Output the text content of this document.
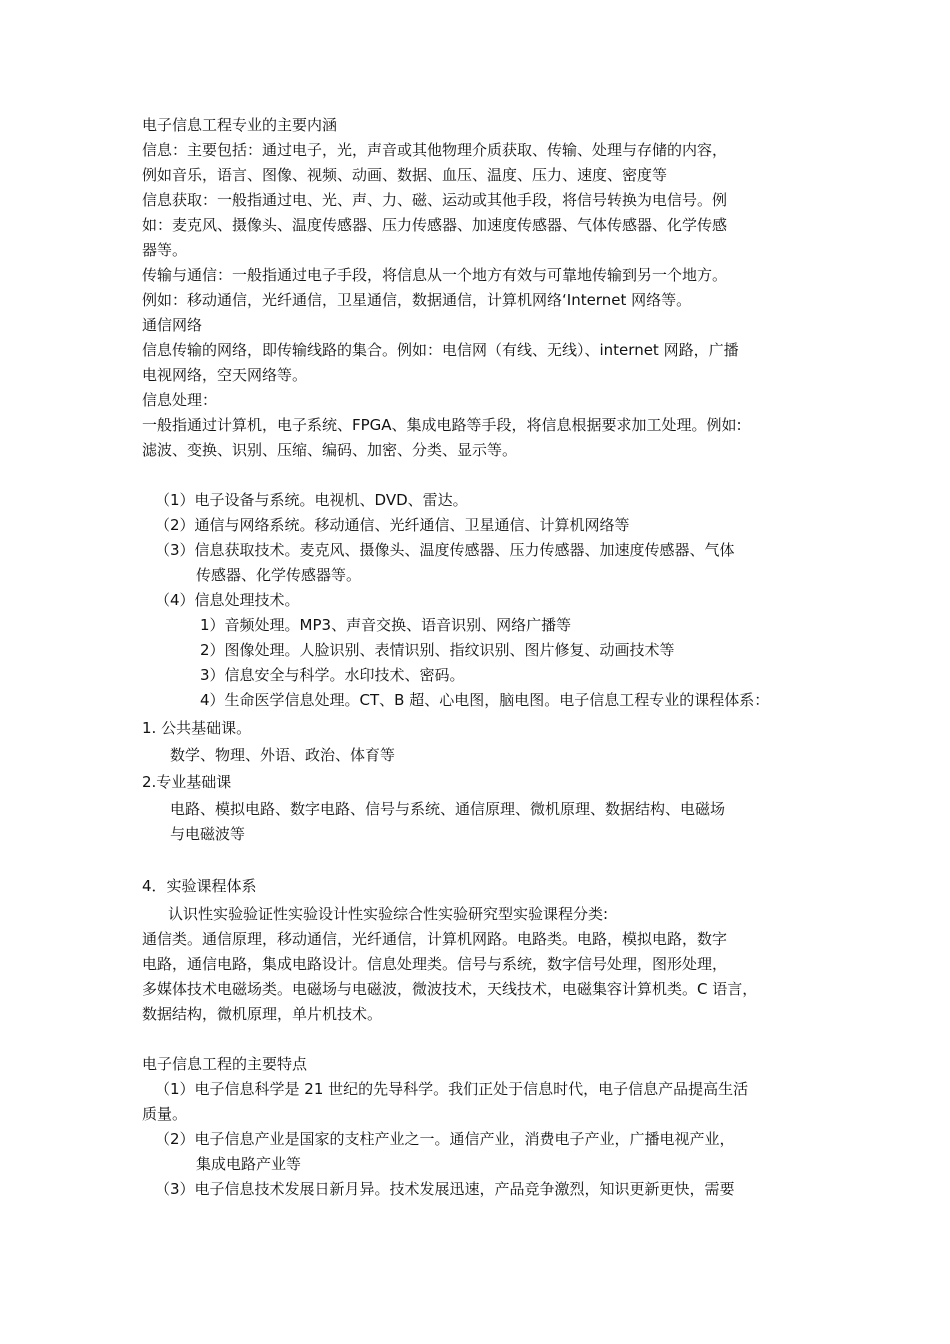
电子信息工程专业的主要内涵
信息：主要包括：通过电子，光，声音或其他物理介质获取、传输、处理与存储的内容，
例如音乐，语言、图像、视频、动画、数据、血压、温度、压力、速度、密度等
信息获取：一般指通过电、光、声、力、磁、运动或其他手段，将信号转换为电信号。例
如：麦克风、摄像头、温度传感器、压力传感器、加速度传感器、气体传感器、化学传感
器等。
传输与通信：一般指通过电子手段，将信息从一个地方有效与可靠地传输到另一个地方。
例如：移动通信，光纤通信，卫星通信，数据通信，计算机网络‘Internet 网络等。
通信网络
信息传输的网络，即传输线路的集合。例如：电信网（有线、无线）、internet 网路，广播
电视网络，空天网络等。
信息处理：
一般指通过计算机，电子系统、FPGA、集成电路等手段，将信息根据要求加工处理。例如:
滤波、变换、识别、压缩、编码、加密、分类、显示等。
（1）电子设备与系统。电视机、DVD、雷达。
（2）通信与网络系统。移动通信、光纤通信、卫星通信、计算机网络等
（3）信息获取技术。麦克风、摄像头、温度传感器、压力传感器、加速度传感器、气体
传感器、化学传感器等。
（4）信息处理技术。
1）音频处理。MP3、声音交换、语音识别、网络广播等
2）图像处理。人脸识别、表情识别、指纹识别、图片修复、动画技术等
3）信息安全与科学。水印技术、密码。
4）生命医学信息处理。CT、B 超、心电图，脑电图。电子信息工程专业的课程体系：
1. 公共基础课。
数学、物理、外语、政治、体育等
2.专业基础课
电路、模拟电路、数字电路、信号与系统、通信原理、微机原理、数据结构、电磁场
与电磁波等
4．实验课程体系
认识性实验验证性实验设计性实验综合性实验研究型实验课程分类:
通信类。通信原理，移动通信，光纤通信，计算机网路。电路类。电路，模拟电路，数字
电路，通信电路，集成电路设计。信息处理类。信号与系统，数字信号处理，图形处理，
多媒体技术电磁场类。电磁场与电磁波，微波技术，天线技术，电磁集容计算机类。C 语言，
数据结构，微机原理，单片机技术。
电子信息工程的主要特点
（1）电子信息科学是 21 世纪的先导科学。我们正处于信息时代，电子信息产品提高生活
质量。
（2）电子信息产业是国家的支柱产业之一。通信产业，消费电子产业，广播电视产业，
集成电路产业等
（3）电子信息技术发展日新月异。技术发展迅速，产品竞争激烈，知识更新更快，需要
